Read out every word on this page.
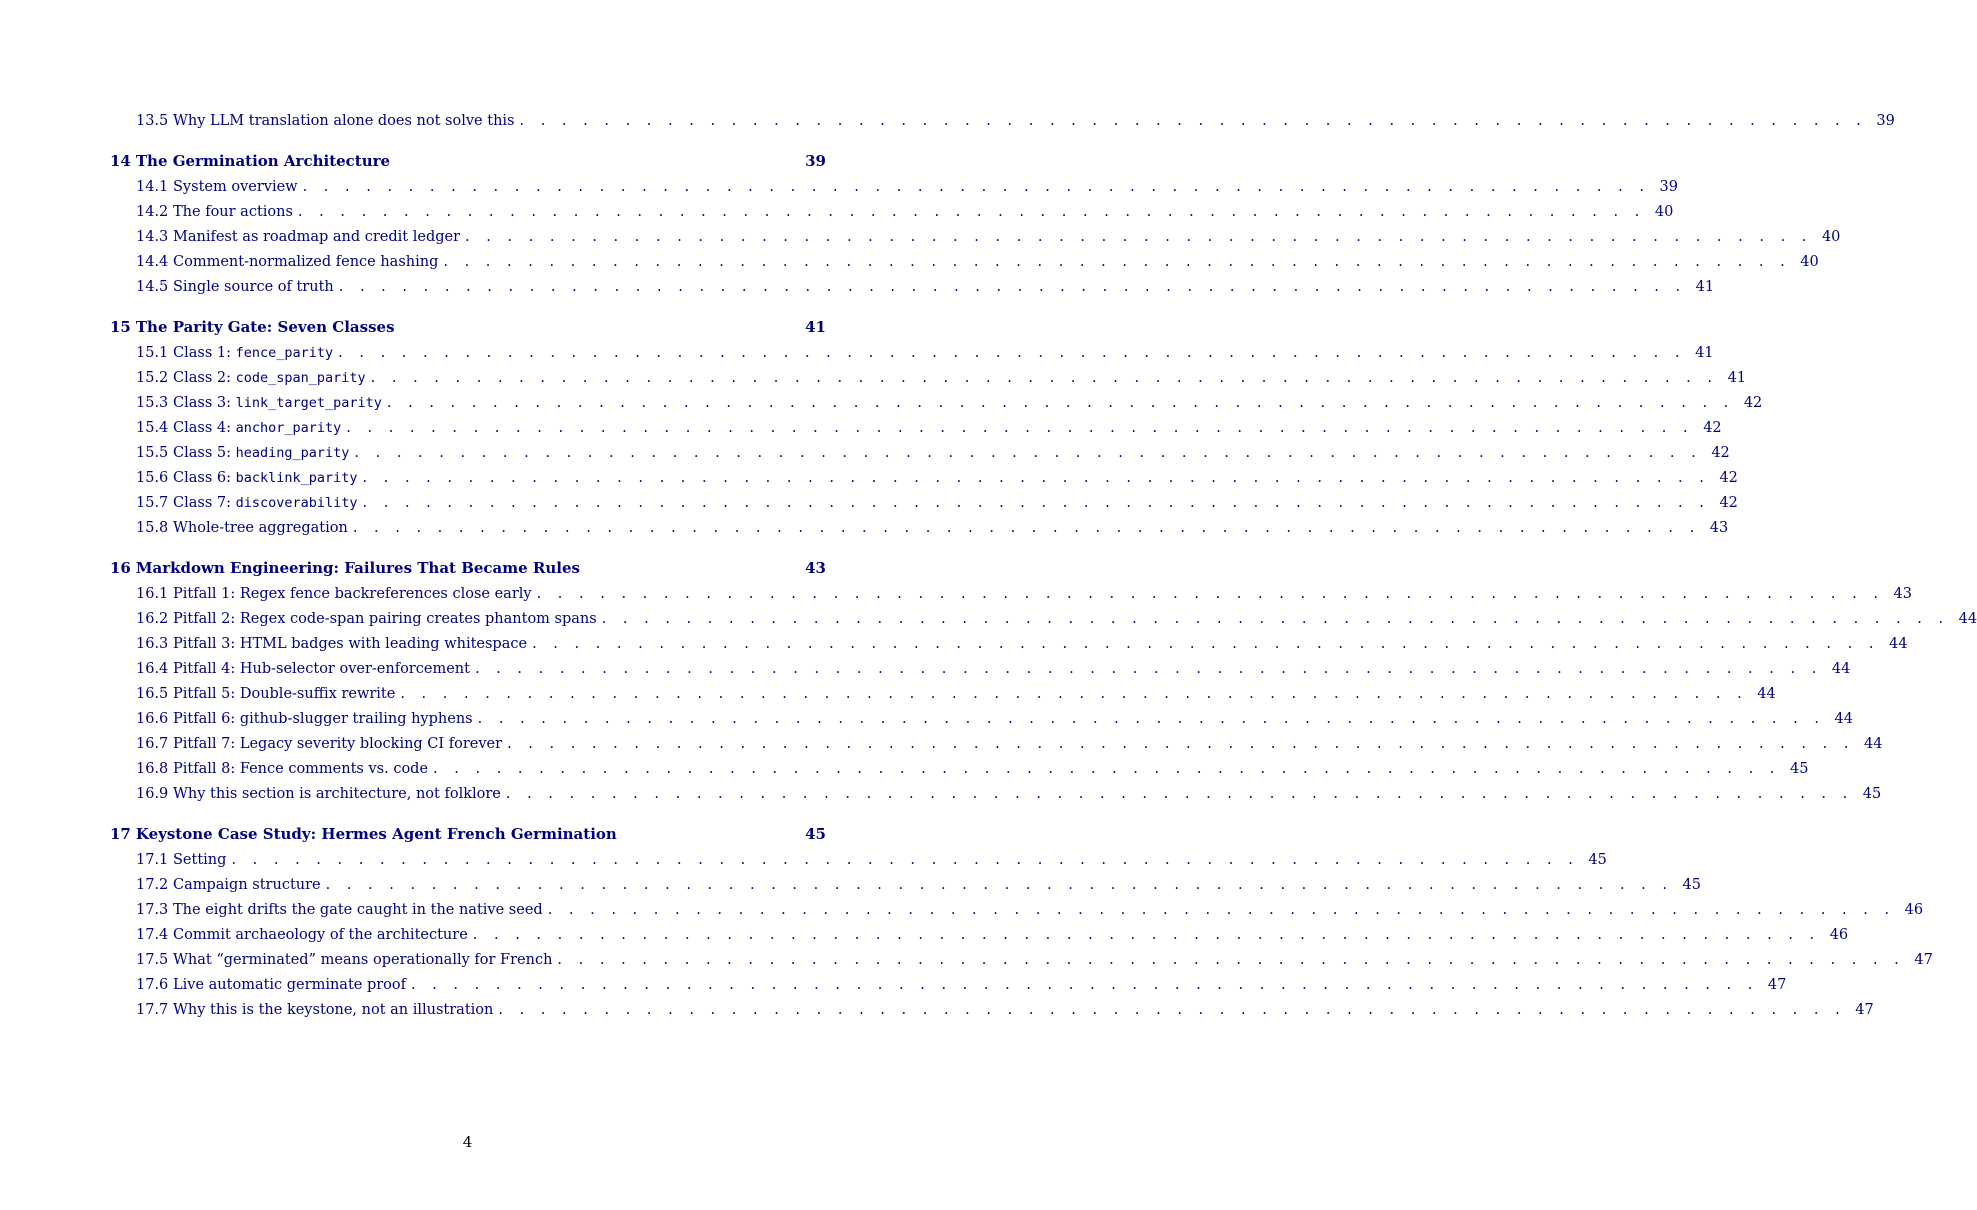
13.5 Why LLM translation alone does not solve this . . . . . . . . . . . . . . . . . . . . . . . . . . . . . . . . . . . . . . . . . . . . . . . . . . . . . . . . . . . . . . . . 39
14 The Germination Architecture	39
14.1 System overview . . . . . . . . . . . . . . . . . . . . . . . . . . . . . . . . . . . . . . . . . . . . . . . . . . . . . . . . . . . . . . . . 39
14.2 The four actions . . . . . . . . . . . . . . . . . . . . . . . . . . . . . . . . . . . . . . . . . . . . . . . . . . . . . . . . . . . . . . . . 40
14.3 Manifest as roadmap and credit ledger . . . . . . . . . . . . . . . . . . . . . . . . . . . . . . . . . . . . . . . . . . . . . . . . . . . . . . . . . . . . . . . . 40
14.4 Comment-normalized fence hashing . . . . . . . . . . . . . . . . . . . . . . . . . . . . . . . . . . . . . . . . . . . . . . . . . . . . . . . . . . . . . . . . 40
14.5 Single source of truth . . . . . . . . . . . . . . . . . . . . . . . . . . . . . . . . . . . . . . . . . . . . . . . . . . . . . . . . . . . . . . . . 41
15 The Parity Gate: Seven Classes	41
15.1 Class 1: fence_parity . . . . . . . . . . . . . . . . . . . . . . . . . . . . . . . . . . . . . . . . . . . . . . . . . . . . . . . . . . . . . . . . 41
15.2 Class 2: code_span_parity . . . . . . . . . . . . . . . . . . . . . . . . . . . . . . . . . . . . . . . . . . . . . . . . . . . . . . . . . . . . . . . . 41
15.3 Class 3: link_target_parity . . . . . . . . . . . . . . . . . . . . . . . . . . . . . . . . . . . . . . . . . . . . . . . . . . . . . . . . . . . . . . . . 42
15.4 Class 4: anchor_parity . . . . . . . . . . . . . . . . . . . . . . . . . . . . . . . . . . . . . . . . . . . . . . . . . . . . . . . . . . . . . . . . 42
15.5 Class 5: heading_parity . . . . . . . . . . . . . . . . . . . . . . . . . . . . . . . . . . . . . . . . . . . . . . . . . . . . . . . . . . . . . . . . 42
15.6 Class 6: backlink_parity . . . . . . . . . . . . . . . . . . . . . . . . . . . . . . . . . . . . . . . . . . . . . . . . . . . . . . . . . . . . . . . . 42
15.7 Class 7: discoverability . . . . . . . . . . . . . . . . . . . . . . . . . . . . . . . . . . . . . . . . . . . . . . . . . . . . . . . . . . . . . . . . 42
15.8 Whole-tree aggregation . . . . . . . . . . . . . . . . . . . . . . . . . . . . . . . . . . . . . . . . . . . . . . . . . . . . . . . . . . . . . . . . 43
16 Markdown Engineering: Failures That Became Rules	43
16.1 Pitfall 1: Regex fence backreferences close early . . . . . . . . . . . . . . . . . . . . . . . . . . . . . . . . . . . . . . . . . . . . . . . . . . . . . . . . . . . . . . . . 43
16.2 Pitfall 2: Regex code-span pairing creates phantom spans . . . . . . . . . . . . . . . . . . . . . . . . . . . . . . . . . . . . . . . . . . . . . . . . . . . . . . . . . . . . . . . . 44
16.3 Pitfall 3: HTML badges with leading whitespace . . . . . . . . . . . . . . . . . . . . . . . . . . . . . . . . . . . . . . . . . . . . . . . . . . . . . . . . . . . . . . . . 44
16.4 Pitfall 4: Hub-selector over-enforcement . . . . . . . . . . . . . . . . . . . . . . . . . . . . . . . . . . . . . . . . . . . . . . . . . . . . . . . . . . . . . . . . 44
16.5 Pitfall 5: Double-suffix rewrite . . . . . . . . . . . . . . . . . . . . . . . . . . . . . . . . . . . . . . . . . . . . . . . . . . . . . . . . . . . . . . . . 44
16.6 Pitfall 6: github-slugger trailing hyphens . . . . . . . . . . . . . . . . . . . . . . . . . . . . . . . . . . . . . . . . . . . . . . . . . . . . . . . . . . . . . . . . 44
16.7 Pitfall 7: Legacy severity blocking CI forever . . . . . . . . . . . . . . . . . . . . . . . . . . . . . . . . . . . . . . . . . . . . . . . . . . . . . . . . . . . . . . . . 44
16.8 Pitfall 8: Fence comments vs. code . . . . . . . . . . . . . . . . . . . . . . . . . . . . . . . . . . . . . . . . . . . . . . . . . . . . . . . . . . . . . . . . 45
16.9 Why this section is architecture, not folklore . . . . . . . . . . . . . . . . . . . . . . . . . . . . . . . . . . . . . . . . . . . . . . . . . . . . . . . . . . . . . . . . 45
17 Keystone Case Study: Hermes Agent French Germination	45
17.1 Setting . . . . . . . . . . . . . . . . . . . . . . . . . . . . . . . . . . . . . . . . . . . . . . . . . . . . . . . . . . . . . . . . 45
17.2 Campaign structure . . . . . . . . . . . . . . . . . . . . . . . . . . . . . . . . . . . . . . . . . . . . . . . . . . . . . . . . . . . . . . . . 45
17.3 The eight drifts the gate caught in the native seed . . . . . . . . . . . . . . . . . . . . . . . . . . . . . . . . . . . . . . . . . . . . . . . . . . . . . . . . . . . . . . . . 46
17.4 Commit archaeology of the architecture . . . . . . . . . . . . . . . . . . . . . . . . . . . . . . . . . . . . . . . . . . . . . . . . . . . . . . . . . . . . . . . . 46
17.5 What “germinated” means operationally for French . . . . . . . . . . . . . . . . . . . . . . . . . . . . . . . . . . . . . . . . . . . . . . . . . . . . . . . . . . . . . . . . 47
17.6 Live automatic germinate proof . . . . . . . . . . . . . . . . . . . . . . . . . . . . . . . . . . . . . . . . . . . . . . . . . . . . . . . . . . . . . . . . 47
17.7 Why this is the keystone, not an illustration . . . . . . . . . . . . . . . . . . . . . . . . . . . . . . . . . . . . . . . . . . . . . . . . . . . . . . . . . . . . . . . . 47
4
